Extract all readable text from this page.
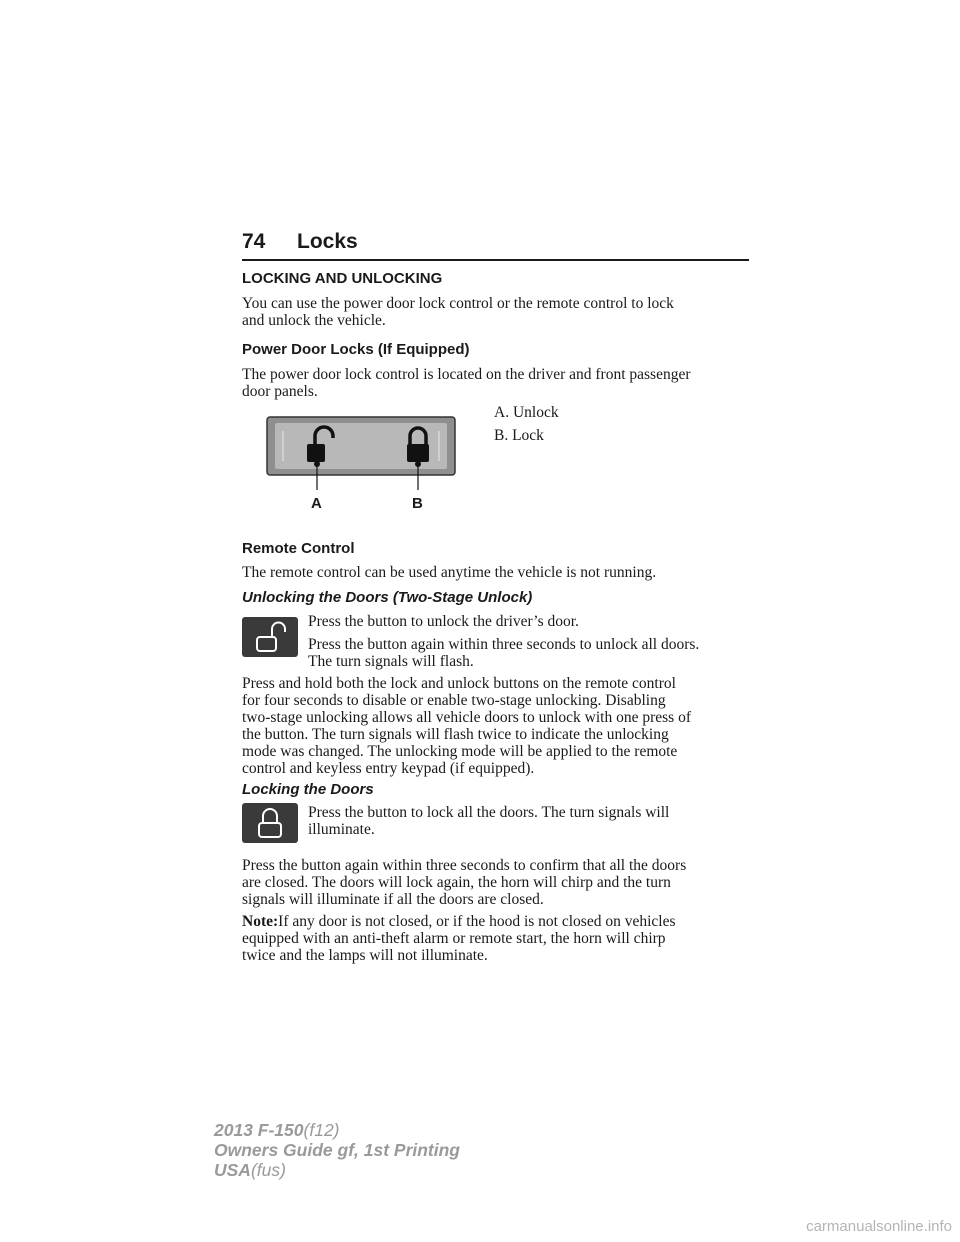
74 Locks
LOCKING AND UNLOCKING
You can use the power door lock control or the remote control to lock
and unlock the vehicle.
Power Door Locks (If Equipped)
The power door lock control is located on the driver and front passenger
door panels.
A. Unlock
B. Lock
A	B
Remote Control
The remote control can be used anytime the vehicle is not running.
Unlocking the Doors (Two-Stage Unlock)
Press the button to unlock the driver’s door.
Press the button again within three seconds to unlock all doors.
The turn signals will flash.
Press and hold both the lock and unlock buttons on the remote control
for four seconds to disable or enable two-stage unlocking. Disabling
two-stage unlocking allows all vehicle doors to unlock with one press of
the button. The turn signals will flash twice to indicate the unlocking
mode was changed. The unlocking mode will be applied to the remote
control and keyless entry keypad (if equipped).
Locking the Doors
Press the button to lock all the doors. The turn signals will
illuminate.
Press the button again within three seconds to confirm that all the doors
are closed. The doors will lock again, the horn will chirp and the turn
signals will illuminate if all the doors are closed.
Note:If any door is not closed, or if the hood is not closed on vehicles
equipped with an anti-theft alarm or remote start, the horn will chirp
twice and the lamps will not illuminate.
2013 F-150(f12)
Owners Guide gf, 1st Printing
USA(fus)
carmanualsonline.info
